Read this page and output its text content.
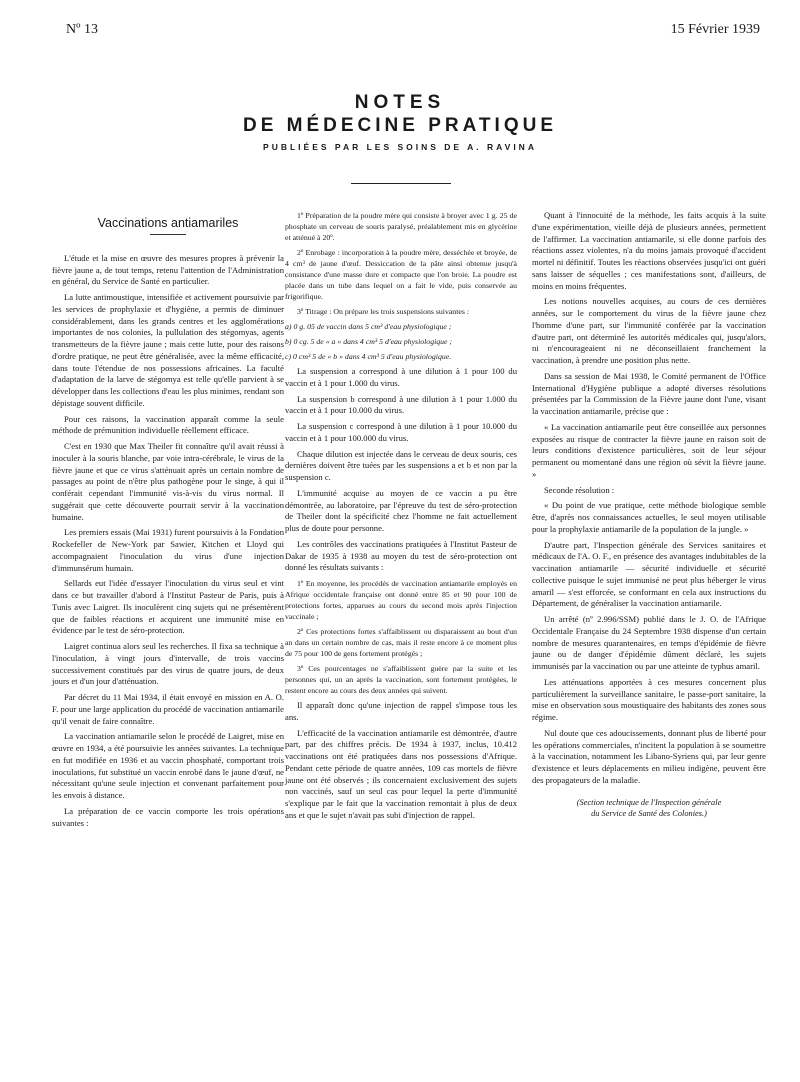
Nº 13	15 Février 1939
NOTES
DE MÉDECINE PRATIQUE
PUBLIÉES PAR LES SOINS DE A. RAVINA
Vaccinations antiamariles

L'étude et la mise en œuvre des mesures propres à prévenir la fièvre jaune a, de tout temps, retenu l'attention de l'Administration en général, du Service de Santé en particulier.

La lutte antimoustique, intensifiée et activement poursuivie par les services de prophylaxie et d'hygiène, a permis de diminuer considérablement, dans les grands centres et les agglomérations importantes de nos colonies, la pullulation des stégomyas, agents transmetteurs de la fièvre jaune ; mais cette lutte, pour des raisons d'ordre pratique, ne peut être généralisée, avec la même efficacité, dans toute l'étendue de nos possessions africaines. La faculté d'adaptation de la larve de stégomya est telle qu'elle parvient à se développer dans les collections d'eau les plus minimes, rendant son dépistage souvent difficile.

Pour ces raisons, la vaccination apparaît comme la seule méthode de prémunition individuelle réellement efficace.

C'est en 1930 que Max Theiler fit connaître qu'il avait réussi à inoculer à la souris blanche, par voie intra-cérébrale, le virus de la fièvre jaune et que ce virus s'atténuait après un certain nombre de passages au point de n'être plus pathogène pour le singe, à qui il conférait cependant l'immunité vis-à-vis du virus normal. Il suggérait que cette découverte pourrait servir à la vaccination humaine.

Les premiers essais (Mai 1931) furent poursuivis à la Fondation Rockefeller de New-York par Sawier, Kitchen et Lloyd qui accompagnaient l'inoculation du virus d'une injection d'immunsérum humain.

Sellards eut l'idée d'essayer l'inoculation du virus seul et vint dans ce but travailler d'abord à l'Institut Pasteur de Paris, puis à Tunis avec Laigret. Ils inoculèrent cinq sujets qui ne présentèrent que de faibles réactions et acquirent une immunité mise en évidence par le test de séro-protection.

Laigret continua alors seul les recherches. Il fixa sa technique à l'inoculation, à vingt jours d'intervalle, de trois vaccins successivement constitués par des virus de quatre jours, de deux jours et d'un jour d'atténuation.

Par décret du 11 Mai 1934, il était envoyé en mission en A. O. F. pour une large application du procédé de vaccination antiamarile qu'il venait de faire connaître.

La vaccination antiamarile selon le procédé de Laigret, mise en œuvre en 1934, a été poursuivie les années suivantes. La technique en fut modifiée en 1936 et au vaccin phosphaté, comportant trois inoculations, fut substitué un vaccin enrobé dans le jaune d'œuf, ne nécessitant qu'une seule injection et convenant parfaitement pour les envois à distance.

La préparation de ce vaccin comporte les trois opérations suivantes :

1º Préparation de la poudre mère qui consiste à broyer avec 1 g. 25 de phosphate un cerveau de souris paralysé, préalablement mis en glycérine et atténué à 20º.

2º Enrobage : incorporation à la poudre mère, desséchée et broyée, de 4 cm³ de jaune d'œuf. Dessiccation de la pâte ainsi obtenue jusqu'à consistance d'une masse dure et compacte que l'on broie. La poudre est placée dans un tube dans lequel on a fait le vide, puis conservée au frigorifique.

3º Titrage : On prépare les trois suspensions suivantes :

a) 0 g. 05 de vaccin dans 5 cm³ d'eau physiologique ;

b) 0 cg. 5 de « a » dans 4 cm³ 5 d'eau physiologique ;

c) 0 cm³ 5 de « b » dans 4 cm³ 5 d'eau physiologique.

La suspension a correspond à une dilution à 1 pour 100 du vaccin et à 1 pour 1.000 du virus.

La suspension b correspond à une dilution à 1 pour 1.000 du vaccin et à 1 pour 10.000 du virus.

La suspension c correspond à une dilution à 1 pour 10.000 du vaccin et à 1 pour 100.000 du virus.

Chaque dilution est injectée dans le cerveau de deux souris, ces dernières doivent être tuées par les suspensions a et b et non par la suspension c.

L'immunité acquise au moyen de ce vaccin a pu être démontrée, au laboratoire, par l'épreuve du test de séro-protection de Theiler dont la spécificité chez l'homme ne fait actuellement plus de doute pour personne.

Les contrôles des vaccinations pratiquées à l'Institut Pasteur de Dakar de 1935 à 1938 au moyen du test de séro-protection ont donné les résultats suivants :

1º En moyenne, les procédés de vaccination antiamarile employés en Afrique occidentale française ont donné entre 85 et 90 pour 100 de protections fortes, apparues au cours du second mois après l'injection vaccinale ;

2º Ces protections fortes s'affaiblissent ou disparaissent au bout d'un an dans un certain nombre de cas, mais il reste encore à ce moment plus de 75 pour 100 de gens fortement protégés ;

3º Ces pourcentages ne s'affaiblissent guère par la suite et les personnes qui, un an après la vaccination, sont fortement protégées, le restent encore au cours des deux années qui suivent.

Il apparaît donc qu'une injection de rappel s'impose tous les ans.

L'efficacité de la vaccination antiamarile est démontrée, d'autre part, par des chiffres précis. De 1934 à 1937, inclus, 10.412 vaccinations ont été pratiquées dans nos possessions d'Afrique. Pendant cette période de quatre années, 109 cas mortels de fièvre jaune ont été observés ; ils concernaient exclusivement des sujets non vaccinés, sauf un seul cas pour lequel la perte d'immunité s'explique par le fait que la vaccination remontait à plus de deux ans et que le sujet n'avait pas subi d'injection de rappel.

Quant à l'innocuité de la méthode, les faits acquis à la suite d'une expérimentation, vieille déjà de plusieurs années, permettent de l'affirmer. La vaccination antiamarile, si elle donne parfois des réactions assez violentes, n'a du moins jamais provoqué d'accident mortel ni définitif. Toutes les réactions observées jusqu'ici ont guéri sans laisser de séquelles ; ces manifestations sont, d'ailleurs, de moins en moins fréquentes.

Les notions nouvelles acquises, au cours de ces dernières années, sur le comportement du virus de la fièvre jaune chez l'homme d'une part, sur l'immunité conférée par la vaccination d'autre part, ont déterminé les autorités médicales qui, jusqu'alors, ni n'encourageaient ni ne déconseillaient franchement la vaccination, à prendre une position plus nette.

Dans sa session de Mai 1938, le Comité permanent de l'Office International d'Hygiène publique a adopté diverses résolutions présentées par la Commission de la Fièvre jaune dont l'une, visant la vaccination antiamarile, précise que :

« La vaccination antiamarile peut être conseillée aux personnes exposées au risque de contracter la fièvre jaune en raison soit de leurs conditions d'existence particulières, soit de leur séjour permanent ou momentané dans une région où sévit la fièvre jaune. »

Seconde résolution :

« Du point de vue pratique, cette méthode biologique semble être, d'après nos connaissances actuelles, le seul moyen utilisable pour la prophylaxie antiamarile de la population de la jungle. »

D'autre part, l'Inspection générale des Services sanitaires et médicaux de l'A. O. F., en présence des avantages indubitables de la vaccination antiamarile — sécurité individuelle et sécurité collective puisque le sujet immunisé ne peut plus héberger le virus amaril — s'est efforcée, se conformant en cela aux instructions du Département, de généraliser la vaccination antiamarile.

Un arrêté (nº 2.996/SSM) publié dans le J. O. de l'Afrique Occidentale Française du 24 Septembre 1938 dispense d'un certain nombre de mesures quarantenaires, en temps d'épidémie de fièvre jaune ou de danger d'épidémie dûment déclaré, les sujets immunisés par la vaccination ou par une atteinte de typhus amaril.

Les atténuations apportées à ces mesures concernent plus particulièrement la surveillance sanitaire, le passe-port sanitaire, la mise en observation sous moustiquaire des habitants des zones sous régime.

Nul doute que ces adoucissements, donnant plus de liberté pour les opérations commerciales, n'incitent la population à se soumettre à la vaccination, notamment les Libano-Syriens qui, par leur genre d'existence et leurs déplacements en milieu indigène, peuvent être des propagateurs de la maladie.

(Section technique de l'Inspection générale
du Service de Santé des Colonies.)
